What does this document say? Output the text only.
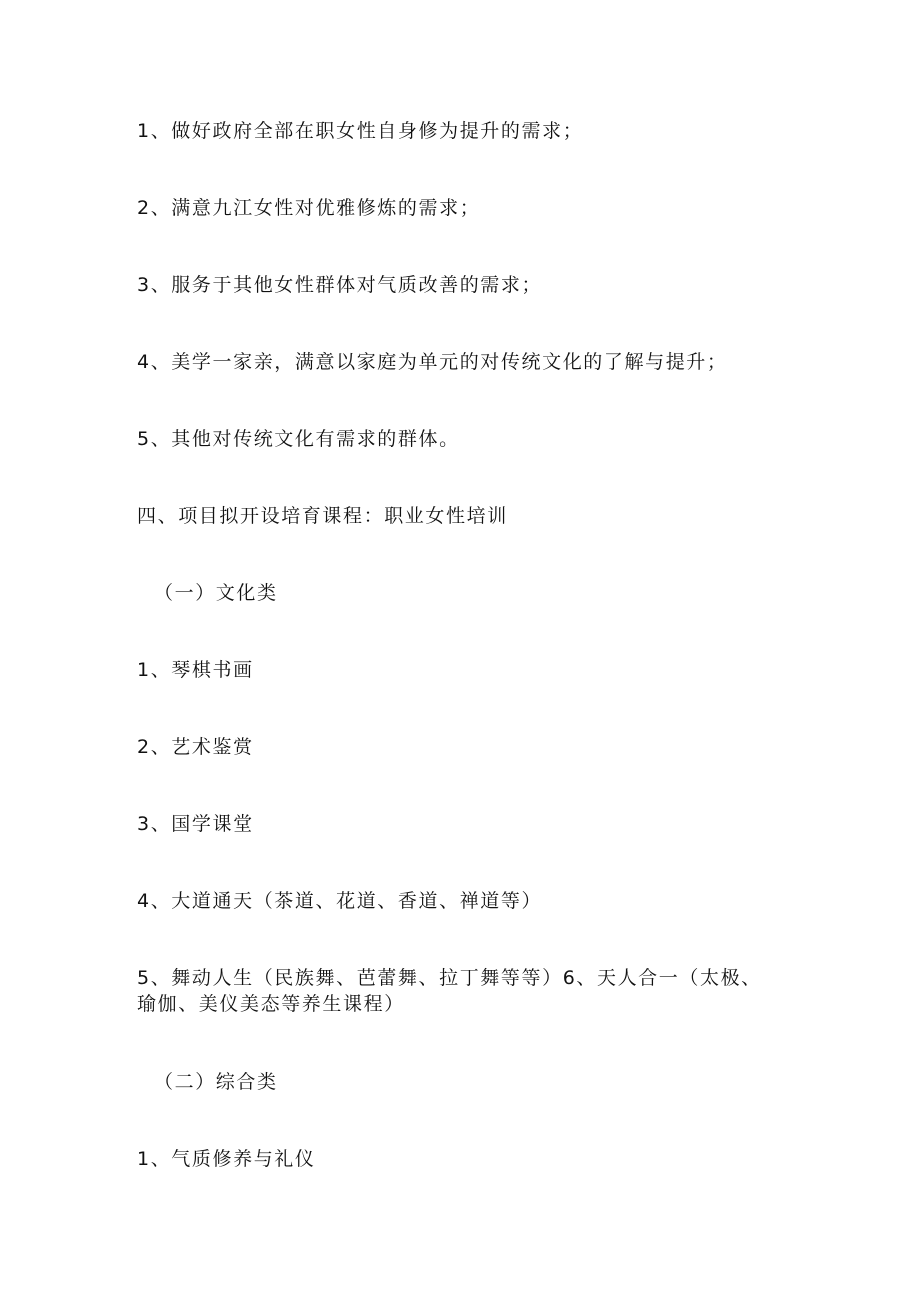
1、做好政府全部在职女性自身修为提升的需求；
2、满意九江女性对优雅修炼的需求；
3、服务于其他女性群体对气质改善的需求；
4、美学一家亲，满意以家庭为单元的对传统文化的了解与提升；
5、其他对传统文化有需求的群体。
四、项目拟开设培育课程：职业女性培训
（一）文化类
1、琴棋书画
2、艺术鉴赏
3、国学课堂
4、大道通天（茶道、花道、香道、禅道等）
5、舞动人生（民族舞、芭蕾舞、拉丁舞等等）6、天人合一（太极、瑜伽、美仪美态等养生课程）
（二）综合类
1、气质修养与礼仪
